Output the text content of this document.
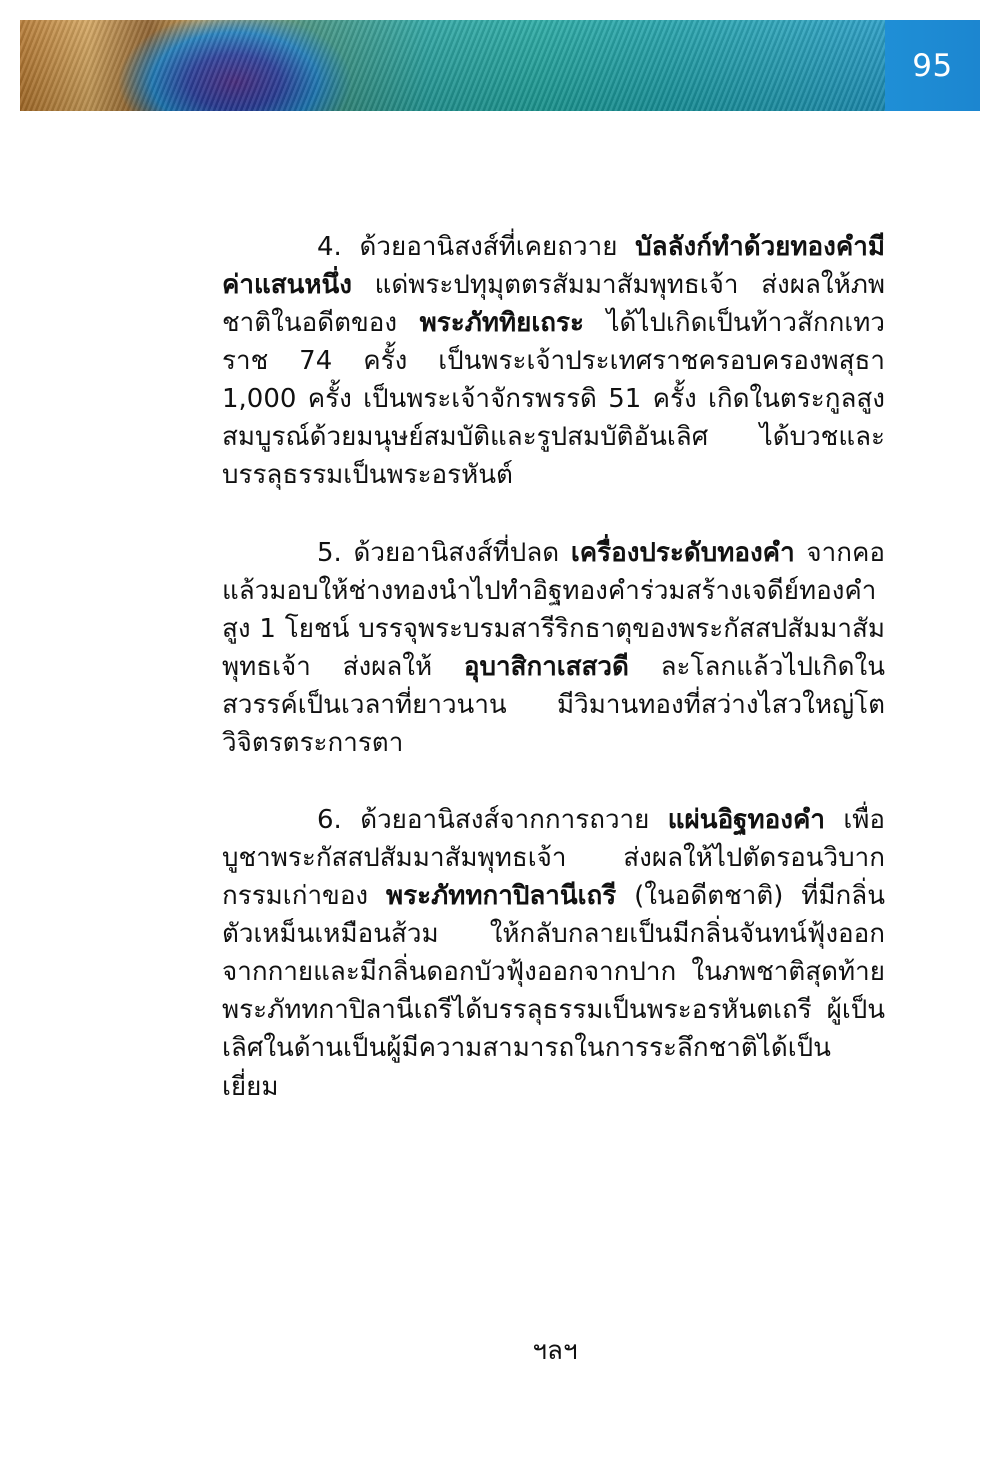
95

4. ด้วยอานิสงส์ที่เคยถวาย บัลลังก์ทำด้วยทองคำมีค่าแสนหนึ่ง แด่พระปทุมุตตรสัมมาสัมพุทธเจ้า ส่งผลให้ภพชาติในอดีตของ พระภัททิยเถระ ได้ไปเกิดเป็นท้าวสักกเทวราช 74 ครั้ง เป็นพระเจ้าประเทศราชครอบครองพสุธา 1,000 ครั้ง เป็นพระเจ้าจักรพรรดิ 51 ครั้ง เกิดในตระกูลสูง สมบูรณ์ด้วยมนุษย์สมบัติและรูปสมบัติอันเลิศ ได้บวชและบรรลุธรรมเป็นพระอรหันต์

5. ด้วยอานิสงส์ที่ปลด เครื่องประดับทองคำ จากคอ แล้วมอบให้ช่างทองนำไปทำอิฐทองคำร่วมสร้างเจดีย์ทองคำสูง 1 โยชน์ บรรจุพระบรมสารีริกธาตุของพระกัสสปสัมมาสัมพุทธเจ้า ส่งผลให้ อุบาสิกาเสสวดี ละโลกแล้วไปเกิดในสวรรค์เป็นเวลาที่ยาวนาน มีวิมานทองที่สว่างไสวใหญ่โตวิจิตรตระการตา

6. ด้วยอานิสงส์จากการถวาย แผ่นอิฐทองคำ เพื่อบูชาพระกัสสปสัมมาสัมพุทธเจ้า ส่งผลให้ไปตัดรอนวิบากกรรมเก่าของ พระภัททกาปิลานีเถรี (ในอดีตชาติ) ที่มีกลิ่นตัวเหม็นเหมือนส้วม ให้กลับกลายเป็นมีกลิ่นจันทน์ฟุ้งออกจากกายและมีกลิ่นดอกบัวฟุ้งออกจากปาก ในภพชาติสุดท้ายพระภัททกาปิลานีเถรีได้บรรลุธรรมเป็นพระอรหันตเถรี ผู้เป็นเลิศในด้านเป็นผู้มีความสามารถในการระลึกชาติได้เป็นเยี่ยม

ฯลฯ
